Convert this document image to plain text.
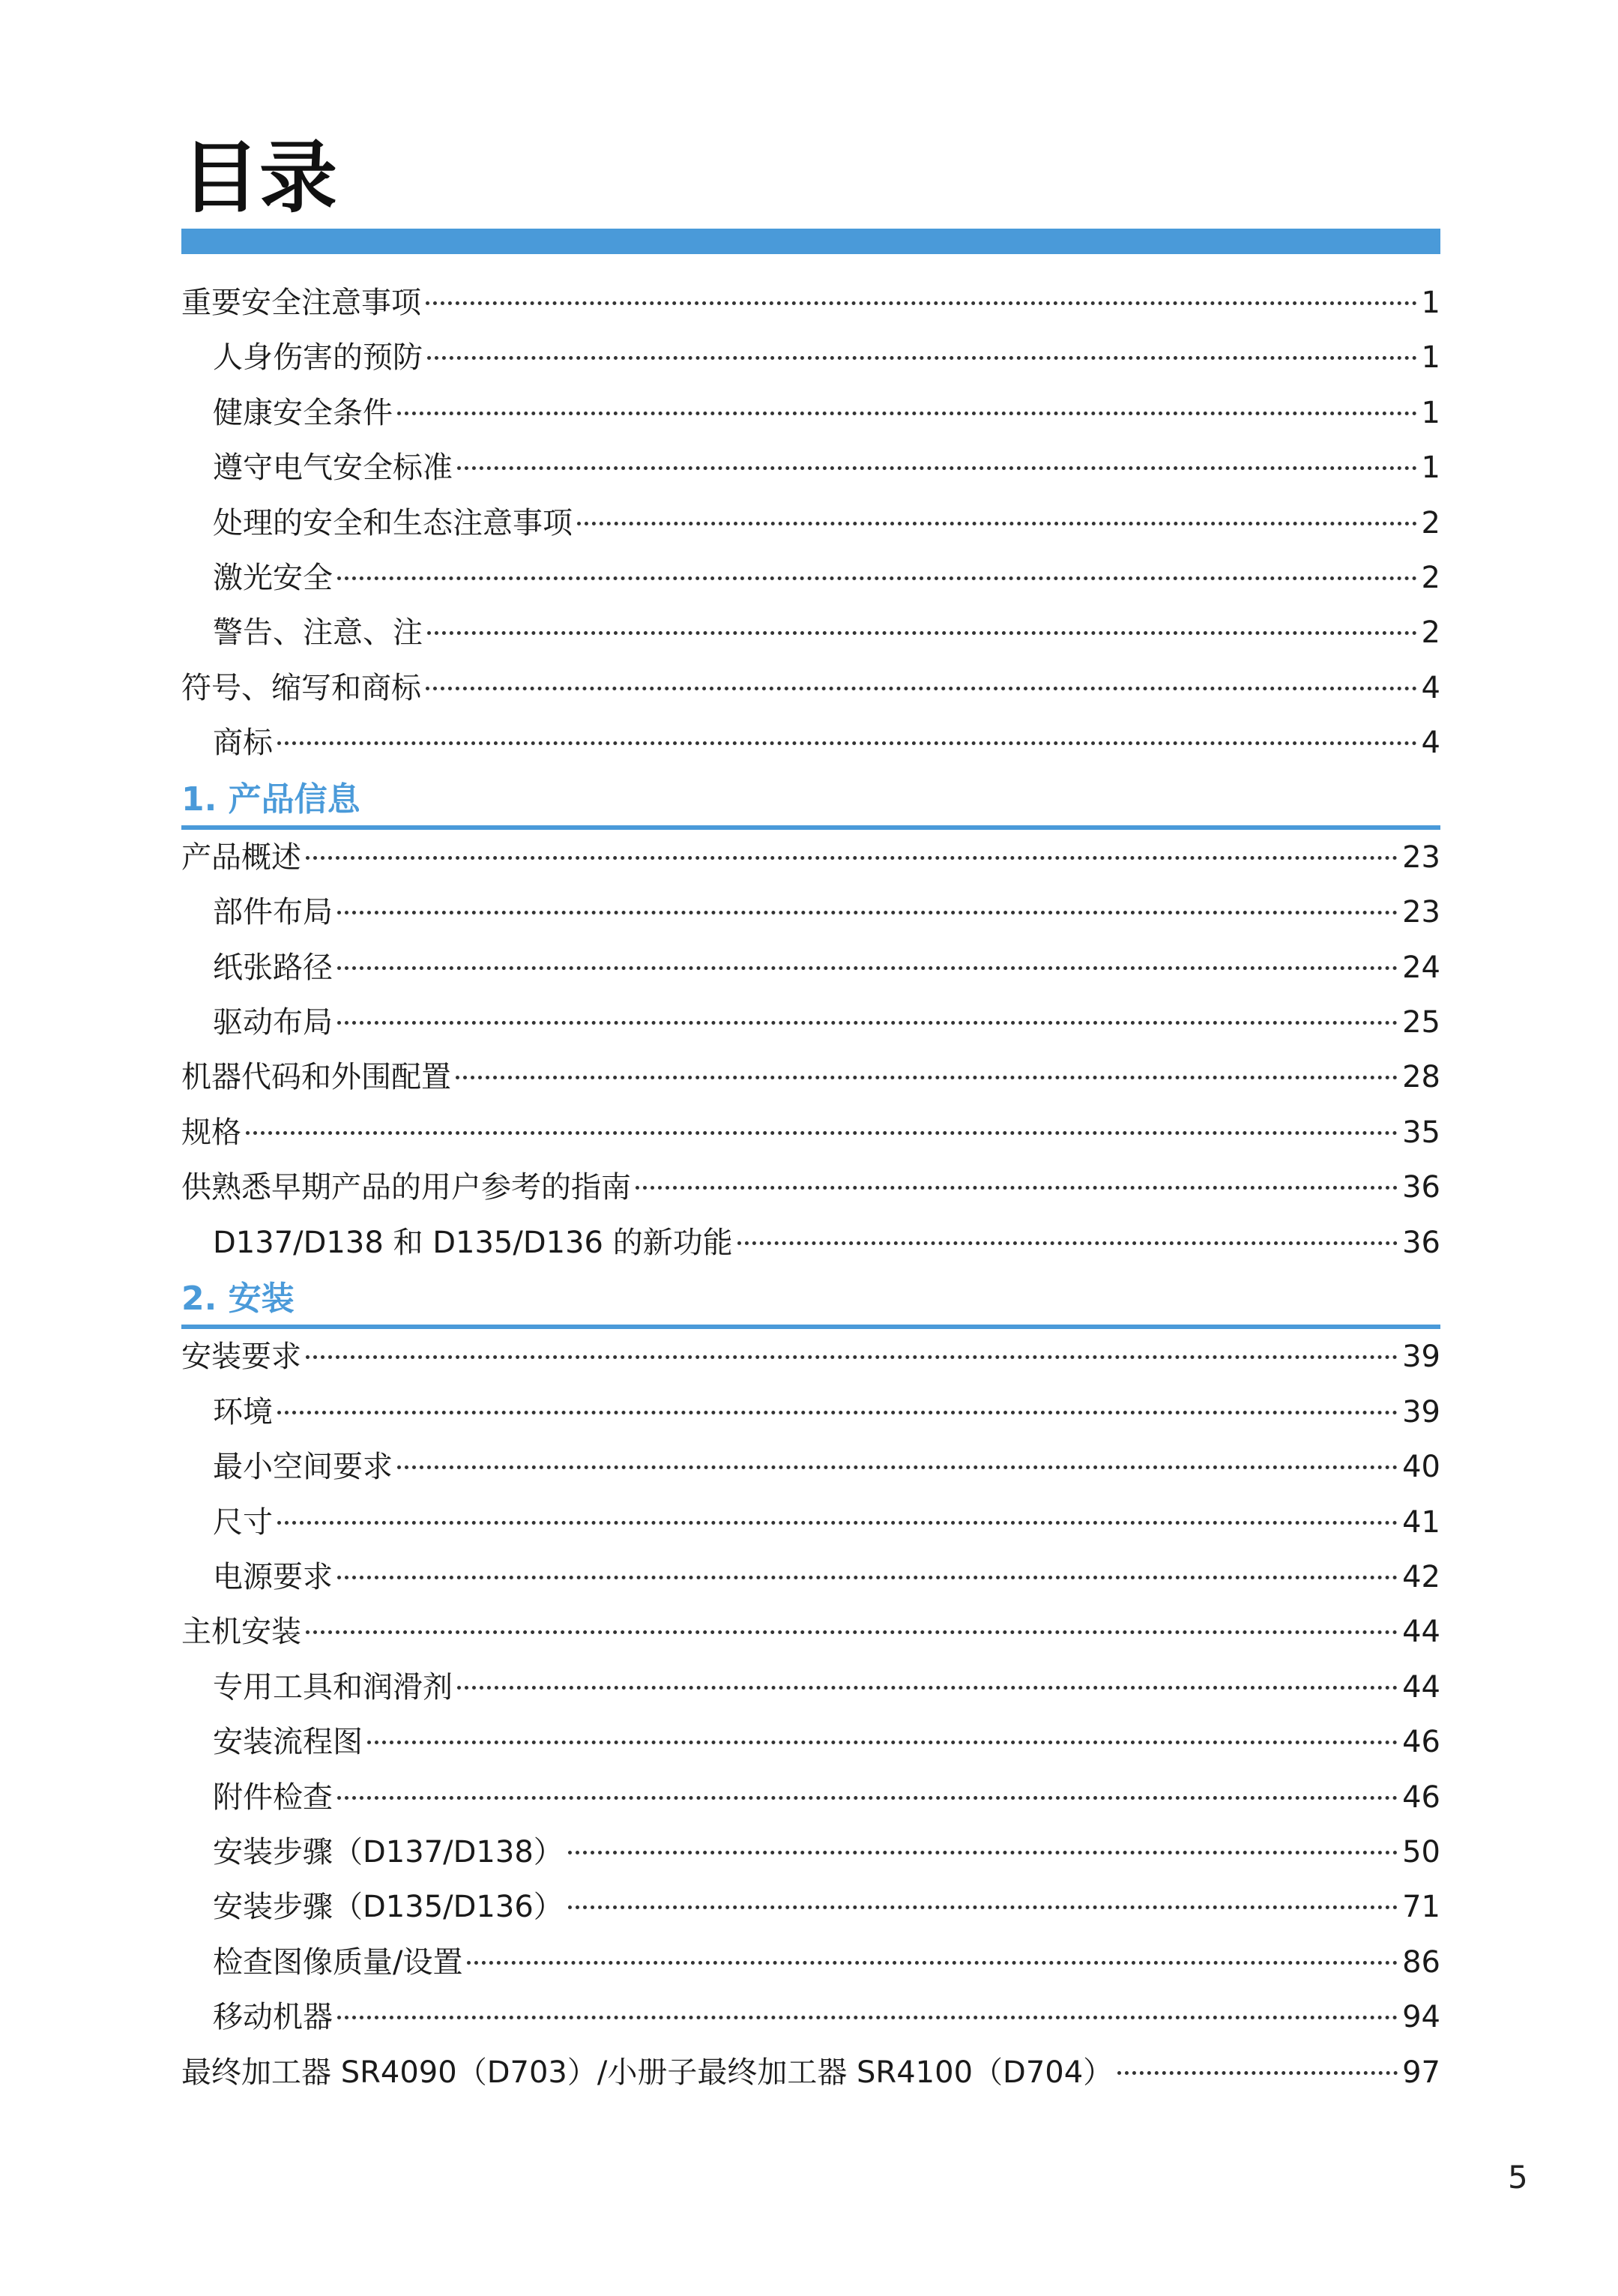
目录
重要安全注意事项	1
人身伤害的预防	1
健康安全条件	1
遵守电气安全标准	1
处理的安全和生态注意事项	2
激光安全	2
警告、注意、注	2
符号、缩写和商标	4
商标	4
1. 产品信息
产品概述	23
部件布局	23
纸张路径	24
驱动布局	25
机器代码和外围配置	28
规格	35
供熟悉早期产品的用户参考的指南	36
D137/D138 和 D135/D136 的新功能	36
2. 安装
安装要求	39
环境	39
最小空间要求	40
尺寸	41
电源要求	42
主机安装	44
专用工具和润滑剂	44
安装流程图	46
附件检查	46
安装步骤（D137/D138）	50
安装步骤（D135/D136）	71
检查图像质量/设置	86
移动机器	94
最终加工器 SR4090（D703）/小册子最终加工器 SR4100（D704）	97
5
